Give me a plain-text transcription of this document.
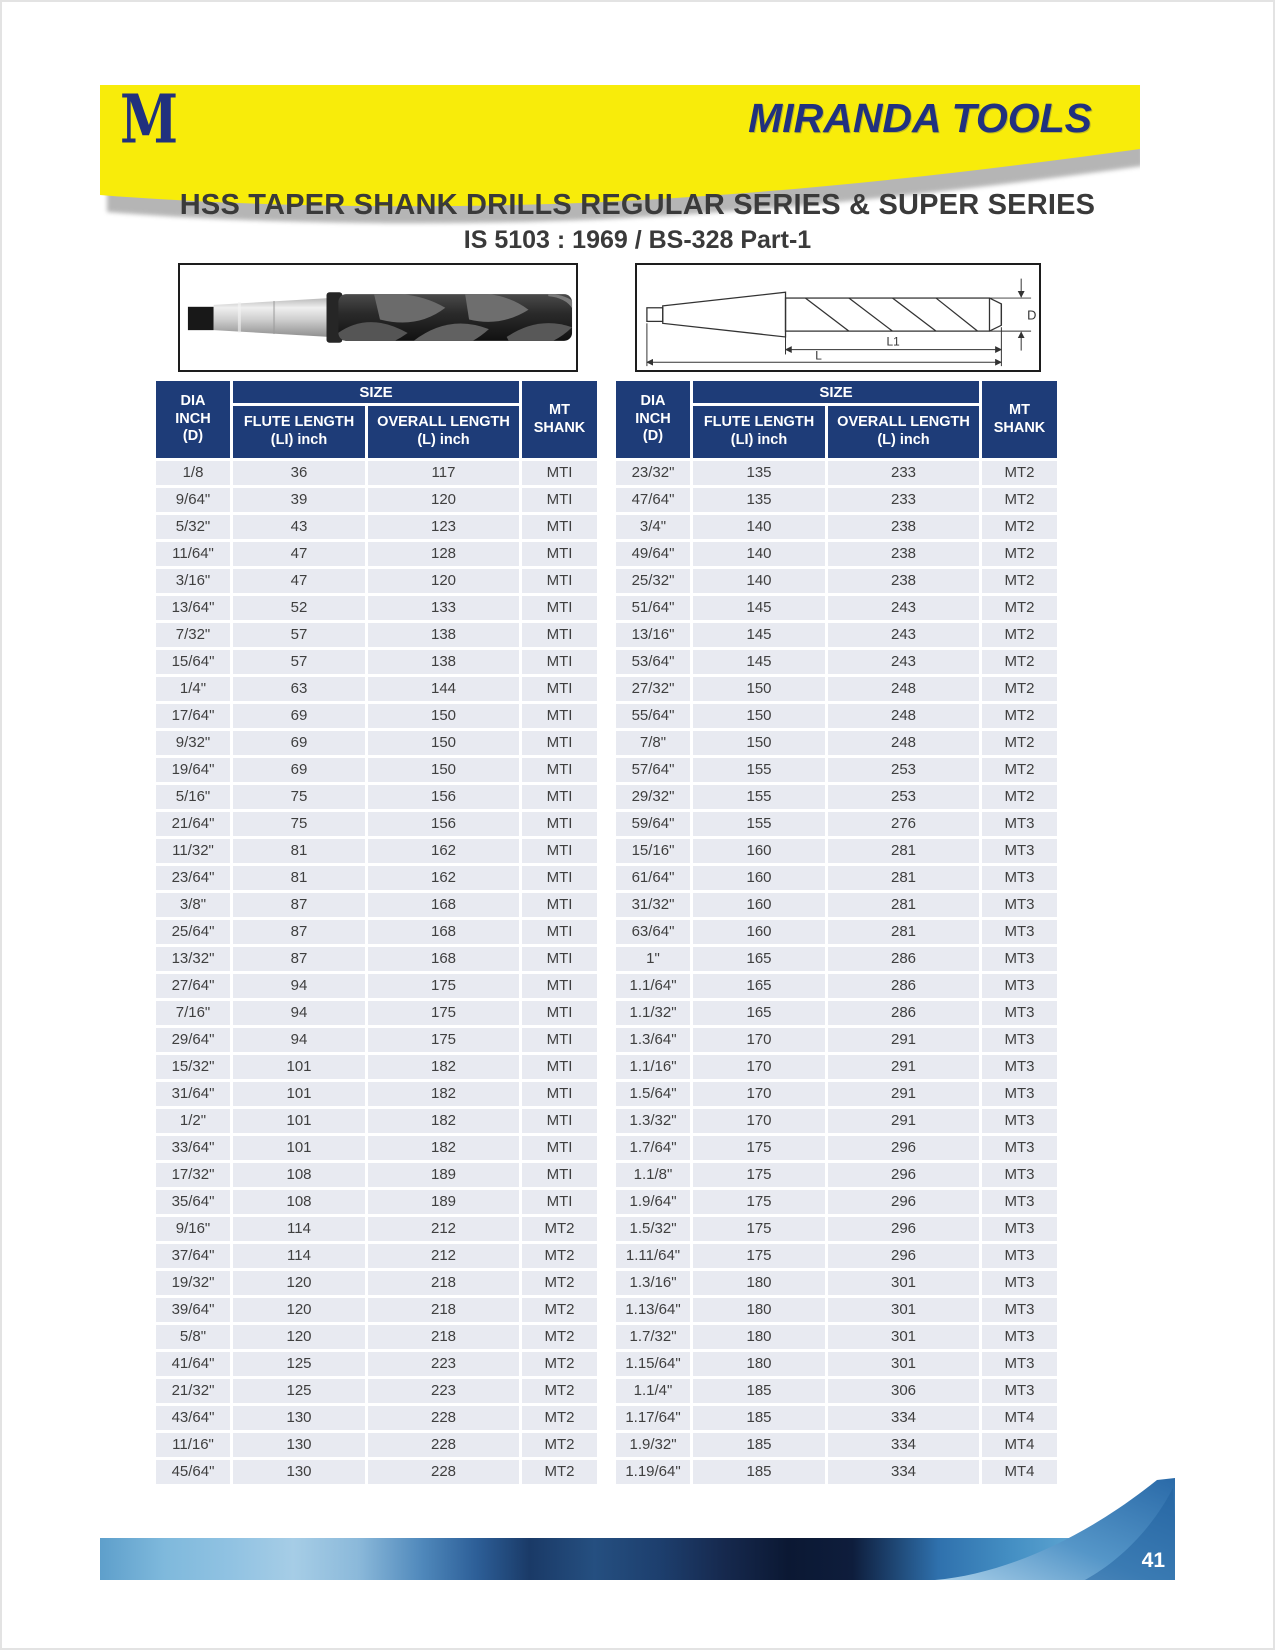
M	MIRANDA TOOLS
HSS TAPER SHANK DRILLS REGULAR SERIES & SUPER SERIES
IS 5103 : 1969 / BS-328 Part-1
D
L1
L
DIA
INCH
(D)
	SIZE	
MT
SHANK

FLUTE LENGTH
(LI) inch

OVERALL LENGTH
(L) inch

1/8	36	117	MTI
9/64"	39	120	MTI
5/32"	43	123	MTI
11/64"	47	128	MTI
3/16"	47	120	MTI
13/64"	52	133	MTI
7/32"	57	138	MTI
15/64"	57	138	MTI
1/4"	63	144	MTI
17/64"	69	150	MTI
9/32"	69	150	MTI
19/64"	69	150	MTI
5/16"	75	156	MTI
21/64"	75	156	MTI
11/32"	81	162	MTI
23/64"	81	162	MTI
3/8"	87	168	MTI
25/64"	87	168	MTI
13/32"	87	168	MTI
27/64"	94	175	MTI
7/16"	94	175	MTI
29/64"	94	175	MTI
15/32"	101	182	MTI
31/64"	101	182	MTI
1/2"	101	182	MTI
33/64"	101	182	MTI
17/32"	108	189	MTI
35/64"	108	189	MTI
9/16"	114	212	MT2
37/64"	114	212	MT2
19/32"	120	218	MT2
39/64"	120	218	MT2
5/8"	120	218	MT2
41/64"	125	223	MT2
21/32"	125	223	MT2
43/64"	130	228	MT2
11/16"	130	228	MT2
45/64"	130	228	MT2
DIA
INCH
(D)
	SIZE	
MT
SHANK

FLUTE LENGTH
(LI) inch

OVERALL LENGTH
(L) inch

23/32"	135	233	MT2
47/64"	135	233	MT2
3/4"	140	238	MT2
49/64"	140	238	MT2
25/32"	140	238	MT2
51/64"	145	243	MT2
13/16"	145	243	MT2
53/64"	145	243	MT2
27/32"	150	248	MT2
55/64"	150	248	MT2
7/8"	150	248	MT2
57/64"	155	253	MT2
29/32"	155	253	MT2
59/64"	155	276	MT3
15/16"	160	281	MT3
61/64"	160	281	MT3
31/32"	160	281	MT3
63/64"	160	281	MT3
1"	165	286	MT3
1.1/64"	165	286	MT3
1.1/32"	165	286	MT3
1.3/64"	170	291	MT3
1.1/16"	170	291	MT3
1.5/64"	170	291	MT3
1.3/32"	170	291	MT3
1.7/64"	175	296	MT3
1.1/8"	175	296	MT3
1.9/64"	175	296	MT3
1.5/32"	175	296	MT3
1.11/64"	175	296	MT3
1.3/16"	180	301	MT3
1.13/64"	180	301	MT3
1.7/32"	180	301	MT3
1.15/64"	180	301	MT3
1.1/4"	185	306	MT3
1.17/64"	185	334	MT4
1.9/32"	185	334	MT4
1.19/64"	185	334	MT4
41
